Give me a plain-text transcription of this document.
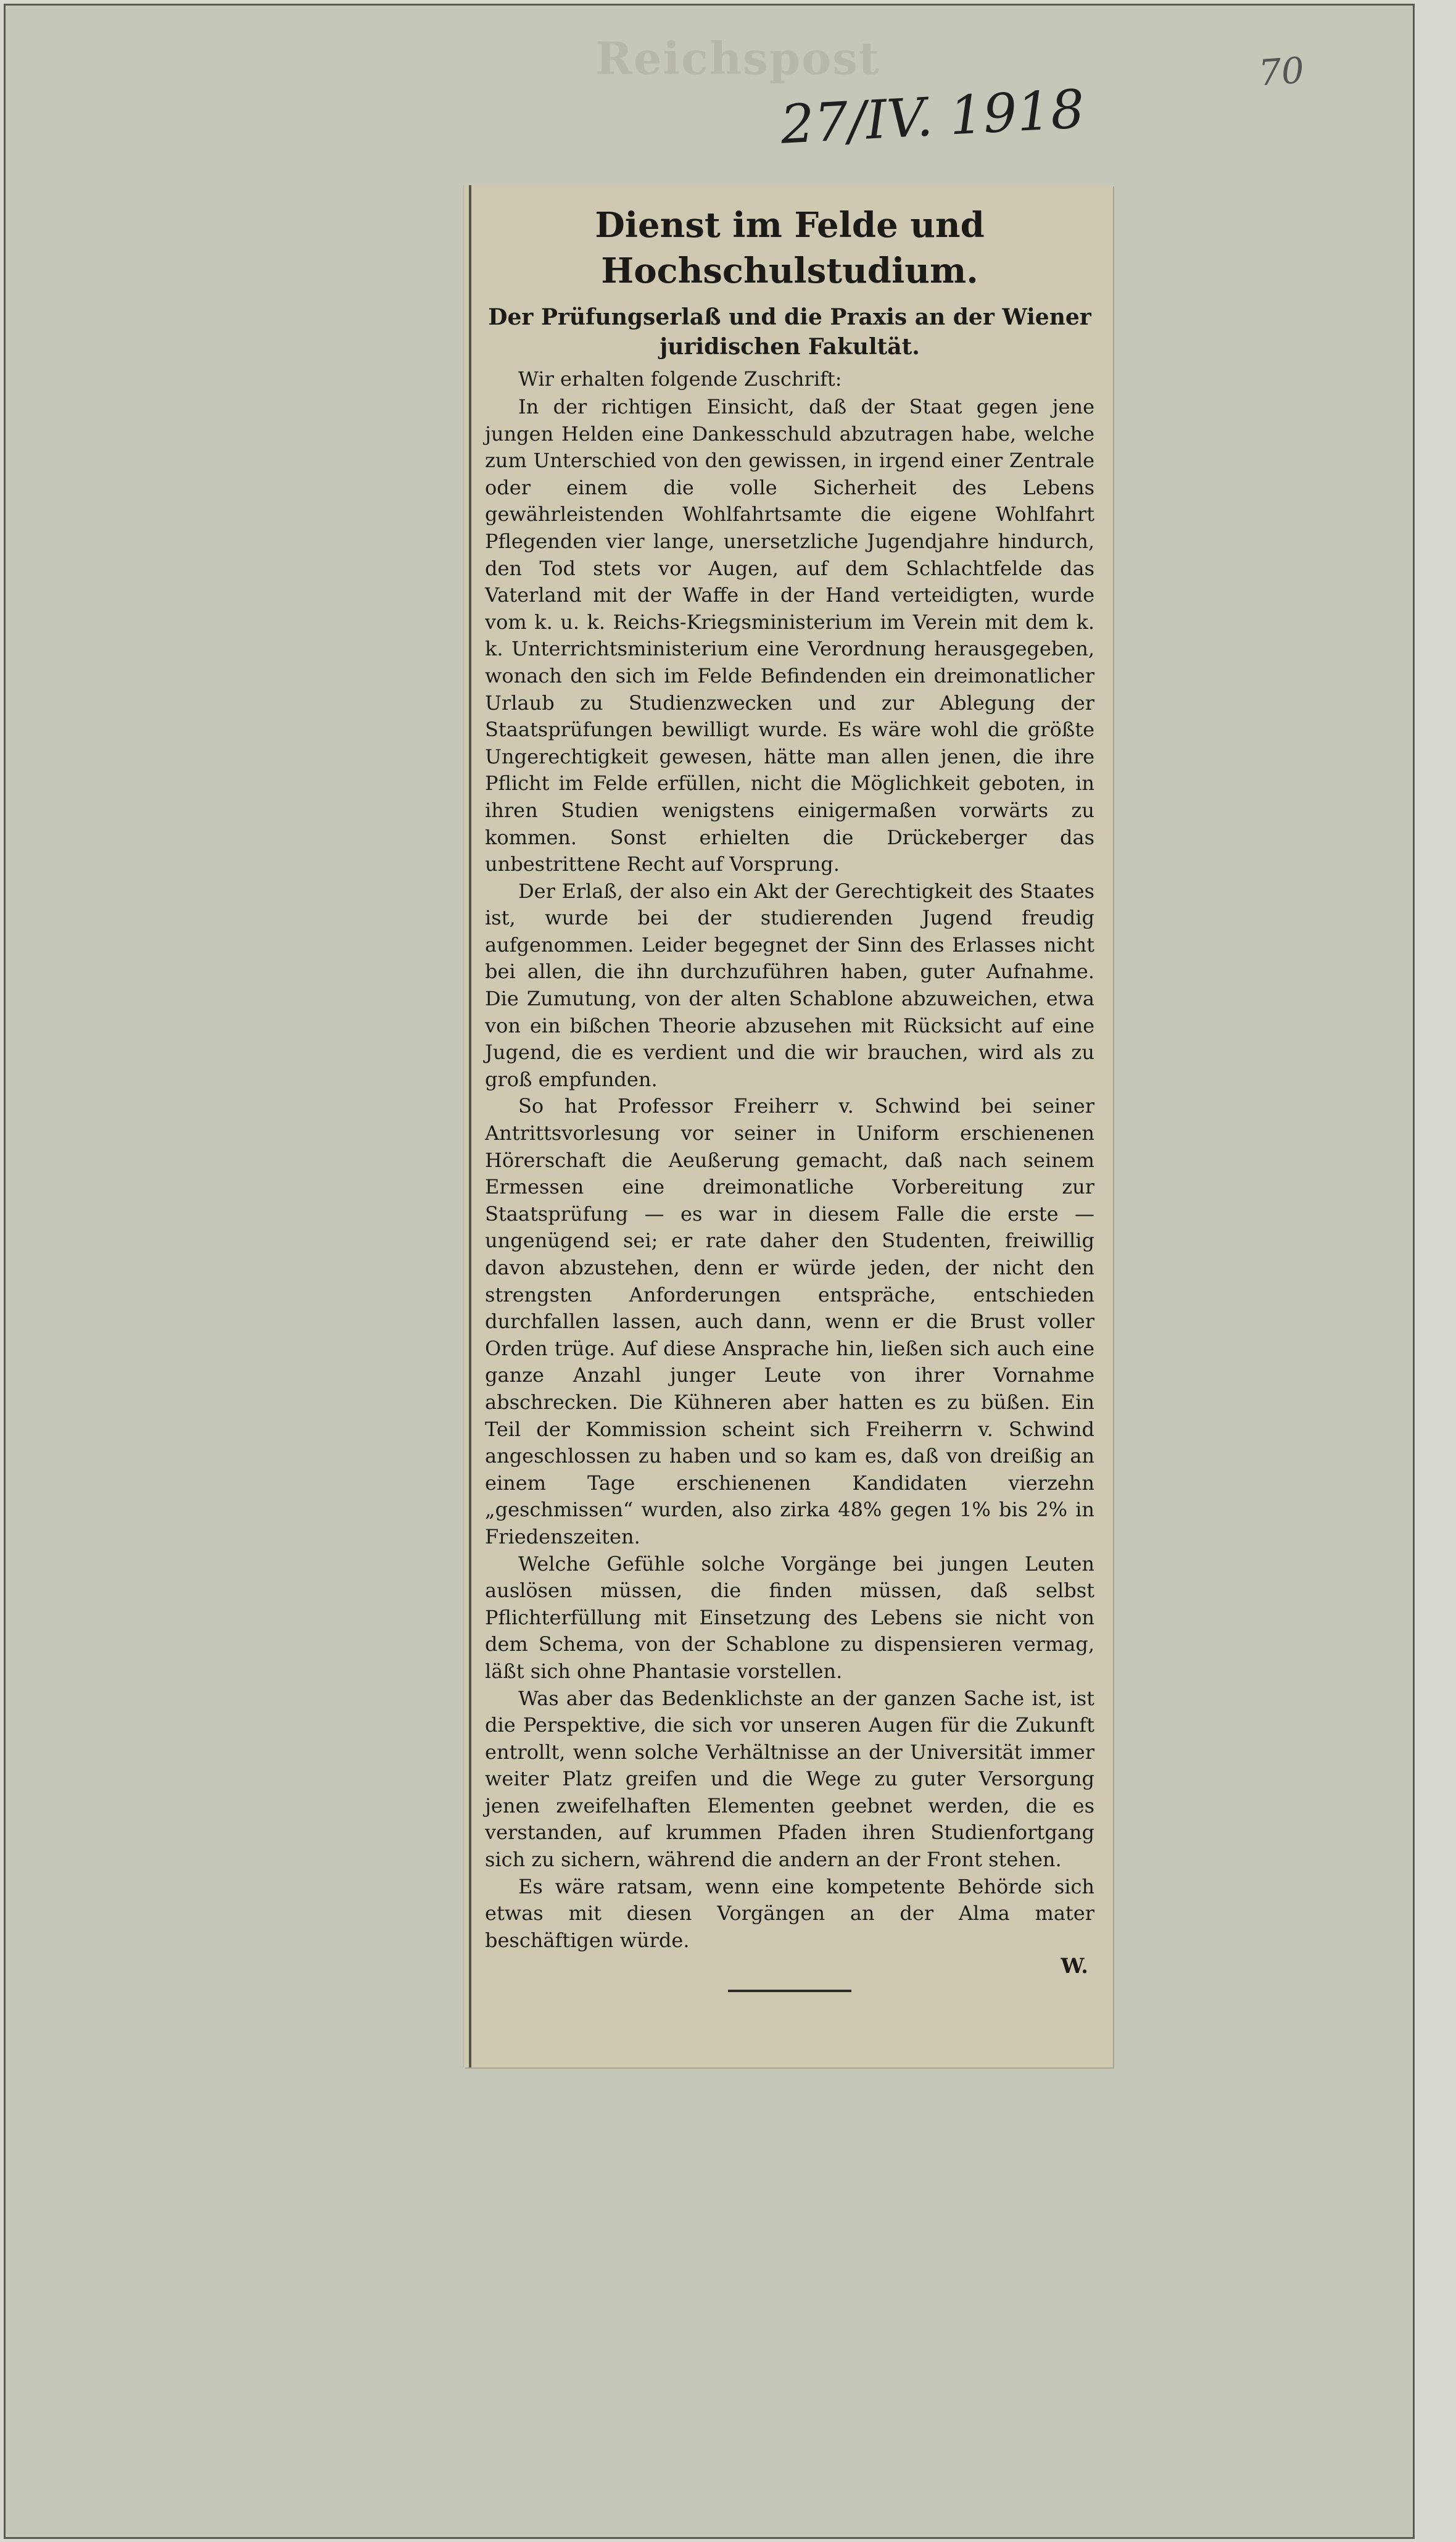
Reichspost
27/IV. 1918
70
Dienst im Felde und Hochschulstudium.
Der Prüfungserlaß und die Praxis an der Wiener juridischen Fakultät.
Wir erhalten folgende Zuschrift:

In der richtigen Einsicht, daß der Staat gegen jene jungen Helden eine Dankesschuld abzutragen habe, welche zum Unterschied von den gewissen, in irgend einer Zentrale oder einem die volle Sicherheit des Lebens gewährleistenden Wohlfahrtsamte die eigene Wohlfahrt Pflegenden vier lange, unersetzliche Jugendjahre hindurch, den Tod stets vor Augen, auf dem Schlachtfelde das Vaterland mit der Waffe in der Hand verteidigten, wurde vom k. u. k. Reichs-Kriegsministerium im Verein mit dem k. k. Unterrichtsministerium eine Verordnung herausgegeben, wonach den sich im Felde Befindenden ein dreimonatlicher Urlaub zu Studienzwecken und zur Ablegung der Staatsprüfungen bewilligt wurde. Es wäre wohl die größte Ungerechtigkeit gewesen, hätte man allen jenen, die ihre Pflicht im Felde erfüllen, nicht die Möglichkeit geboten, in ihren Studien wenigstens einigermaßen vorwärts zu kommen. Sonst erhielten die Drückeberger das unbestrittene Recht auf Vorsprung.

Der Erlaß, der also ein Akt der Gerechtigkeit des Staates ist, wurde bei der studierenden Jugend freudig aufgenommen. Leider begegnet der Sinn des Erlasses nicht bei allen, die ihn durchzuführen haben, guter Aufnahme. Die Zumutung, von der alten Schablone abzuweichen, etwa von ein bißchen Theorie abzusehen mit Rücksicht auf eine Jugend, die es verdient und die wir brauchen, wird als zu groß empfunden.

So hat Professor Freiherr v. Schwind bei seiner Antrittsvorlesung vor seiner in Uniform erschienenen Hörerschaft die Aeußerung gemacht, daß nach seinem Ermessen eine dreimonatliche Vorbereitung zur Staatsprüfung — es war in diesem Falle die erste — ungenügend sei; er rate daher den Studenten, freiwillig davon abzustehen, denn er würde jeden, der nicht den strengsten Anforderungen entspräche, entschieden durchfallen lassen, auch dann, wenn er die Brust voller Orden trüge. Auf diese Ansprache hin, ließen sich auch eine ganze Anzahl junger Leute von ihrer Vornahme abschrecken. Die Kühneren aber hatten es zu büßen. Ein Teil der Kommission scheint sich Freiherrn v. Schwind angeschlossen zu haben und so kam es, daß von dreißig an einem Tage erschienenen Kandidaten vierzehn „geschmissen“ wurden, also zirka 48% gegen 1% bis 2% in Friedenszeiten.

Welche Gefühle solche Vorgänge bei jungen Leuten auslösen müssen, die finden müssen, daß selbst Pflichterfüllung mit Einsetzung des Lebens sie nicht von dem Schema, von der Schablone zu dispensieren vermag, läßt sich ohne Phantasie vorstellen.

Was aber das Bedenklichste an der ganzen Sache ist, ist die Perspektive, die sich vor unseren Augen für die Zukunft entrollt, wenn solche Verhältnisse an der Universität immer weiter Platz greifen und die Wege zu guter Versorgung jenen zweifelhaften Elementen geebnet werden, die es verstanden, auf krummen Pfaden ihren Studienfortgang sich zu sichern, während die andern an der Front stehen.

Es wäre ratsam, wenn eine kompetente Behörde sich etwas mit diesen Vorgängen an der Alma mater beschäftigen würde.

W.
